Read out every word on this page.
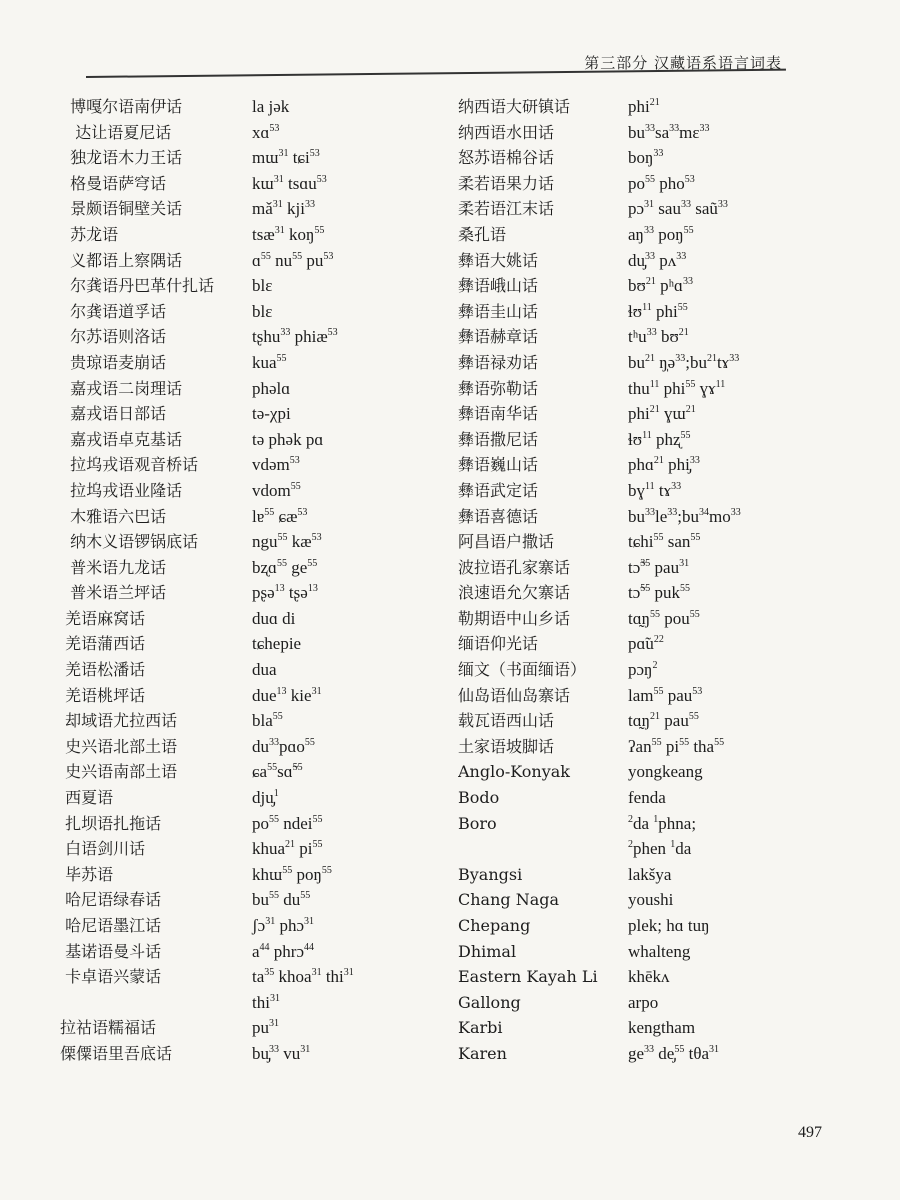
第三部分 汉藏语系语言词表
博嘎尔语南伊话	la jək
达让语夏尼话	xɑ$^{53}$
独龙语木力王话	mɯ$^{31}$ tɕi$^{53}$
格曼语萨穹话	kɯ$^{31}$ tsɑu$^{53}$
景颇语铜壁关话	$mǎ^{31}$ kji$^{33}$
苏龙语	tsæ$^{31}$ koŋ$^{55}$
义都语上察隅话	ɑ$^{55}$ $nu^{55}$ $pu^{53}$
尔龚语丹巴革什扎话	blɛ
尔龚语道孚话	blɛ
尔苏语则洛话	tʂhu$^{33}$ phiæ$^{53}$
贵琼语麦崩话	kua$^{55}$
嘉戎语二岗理话	phəlɑ
嘉戎语日部话	tə-χpi
嘉戎语卓克基话	tə phək pɑ
拉坞戎语观音桥话	vdəm$^{53}$
拉坞戎语业隆话	vdom$^{55}$
木雅语六巴话	lɐ$^{55}$ ɕæ$^{53}$
纳木义语锣锅底话	ngu$^{55}$ $kæ^{53}$
普米语九龙话	bʐɑ$^{55}$ $ge^{55}$
普米语兰坪话	pʂə$^{13}$ tʂə$^{13}$
羌语麻窝话	duɑ di
羌语蒲西话	tɕhepie
羌语松潘话	dua
羌语桃坪话	due$^{13}$ kie$^{31}$
却域语尤拉西话	bla$^{55}$
史兴语北部土语	$du^{33}pɑo^{55}$
史兴语南部土语	ɕa$^{55}$sɑ̃$^{55}$
西夏语	dju̡$^1$
扎坝语扎拖话	$po^{55}$ ndei$^{55}$
白语剑川话	khua$^{21}$ $pi^{55}$
毕苏语	khɯ$^{55}$ poŋ$^{55}$
哈尼语绿春话	$bu^{55}$ $du^{55}$
哈尼语墨江话	ʃɔ$^{31}$ phɔ$^{31}$
基诺语曼斗话	$a^{44}$ phrɔ$^{44}$
卡卓语兴蒙话	$ta^{35}$ khoa$^{31}$ thi$^{31}$
thi$^{31}$
拉祜语糯福话	$pu^{31}$
傈僳语里吾底话	bu̡$^{33}$ $vu^{31}$
纳西语大研镇话	phi$^{21}$
纳西语水田话	$bu^{33}sa^{33}mɛ^{33}$
怒苏语棉谷话	boŋ$^{33}$
柔若语果力话	$po^{55}$ pho$^{53}$
柔若语江末话	pɔ$^{31}$ sau$^{33}$ saũ$^{33}$
桑孔语	$aŋ^{33}$ poŋ$^{55}$
彝语大姚话	du̡$^{33}$ pʌ$^{33}$
彝语峨山话	bʊ$^{21}$ pʰɑ$^{33}$
彝语圭山话	ɬʊ$^{11}$ phi$^{55}$
彝语赫章话	tʰu$^{33}$ bʊ$^{21}$
彝语禄劝话	$bu^{21}$ $ŋ̩ə^{33};bu^{21}tɤ^{33}$
彝语弥勒话	thu$^{11}$ phi$^{55}$ ɣɤ$^{11}$
彝语南华话	phi$^{21}$ ɣɯ$^{21}$
彝语撒尼话	ɬʊ$^{11}$ phʐ$^{55}$
彝语巍山话	phɑ$^{21}$ phi̡$^{33}$
彝语武定话	bɣ$^{11}$ tɤ$^{33}$
彝语喜德话	$bu^{33}le^{33};bu^{34}mo^{33}$
阿昌语户撒话	tɕhi$^{55}$ san$^{55}$
波拉语孔家寨话	tɔ̃$^{35}$ pau$^{31}$
浪速语允欠寨话	tɔ̃$^{55}$ puk$^{55}$
勒期语中山乡话	$tɑ̰ŋ^{55}$ pou$^{55}$
缅语仰光话	$pɑ̃u^{22}$
缅文（书面缅语）	pɔŋ$^2$
仙岛语仙岛寨话	lam$^{55}$ pau$^{53}$
载瓦语西山话	$tɑ̰ŋ^{21}$ pau$^{55}$
土家语坡脚话	ʔan$^{55}$ $pi^{55}$ tha$^{55}$
Anglo-Konyak	yongkeang
Bodo	fenda
Boro	$^2$da $^1$phna;
$^2$phen $^1$da
Byangsi	lakšya
Chang Naga	youshi
Chepang	plek; hɑ tuŋ
Dhimal	whalteng
Eastern Kayah Li	khēkʌ
Gallong	arpo
Karbi	kengtham
Karen	$ge^{33}$ de̡$^{55}$ tθa$^{31}$
497
